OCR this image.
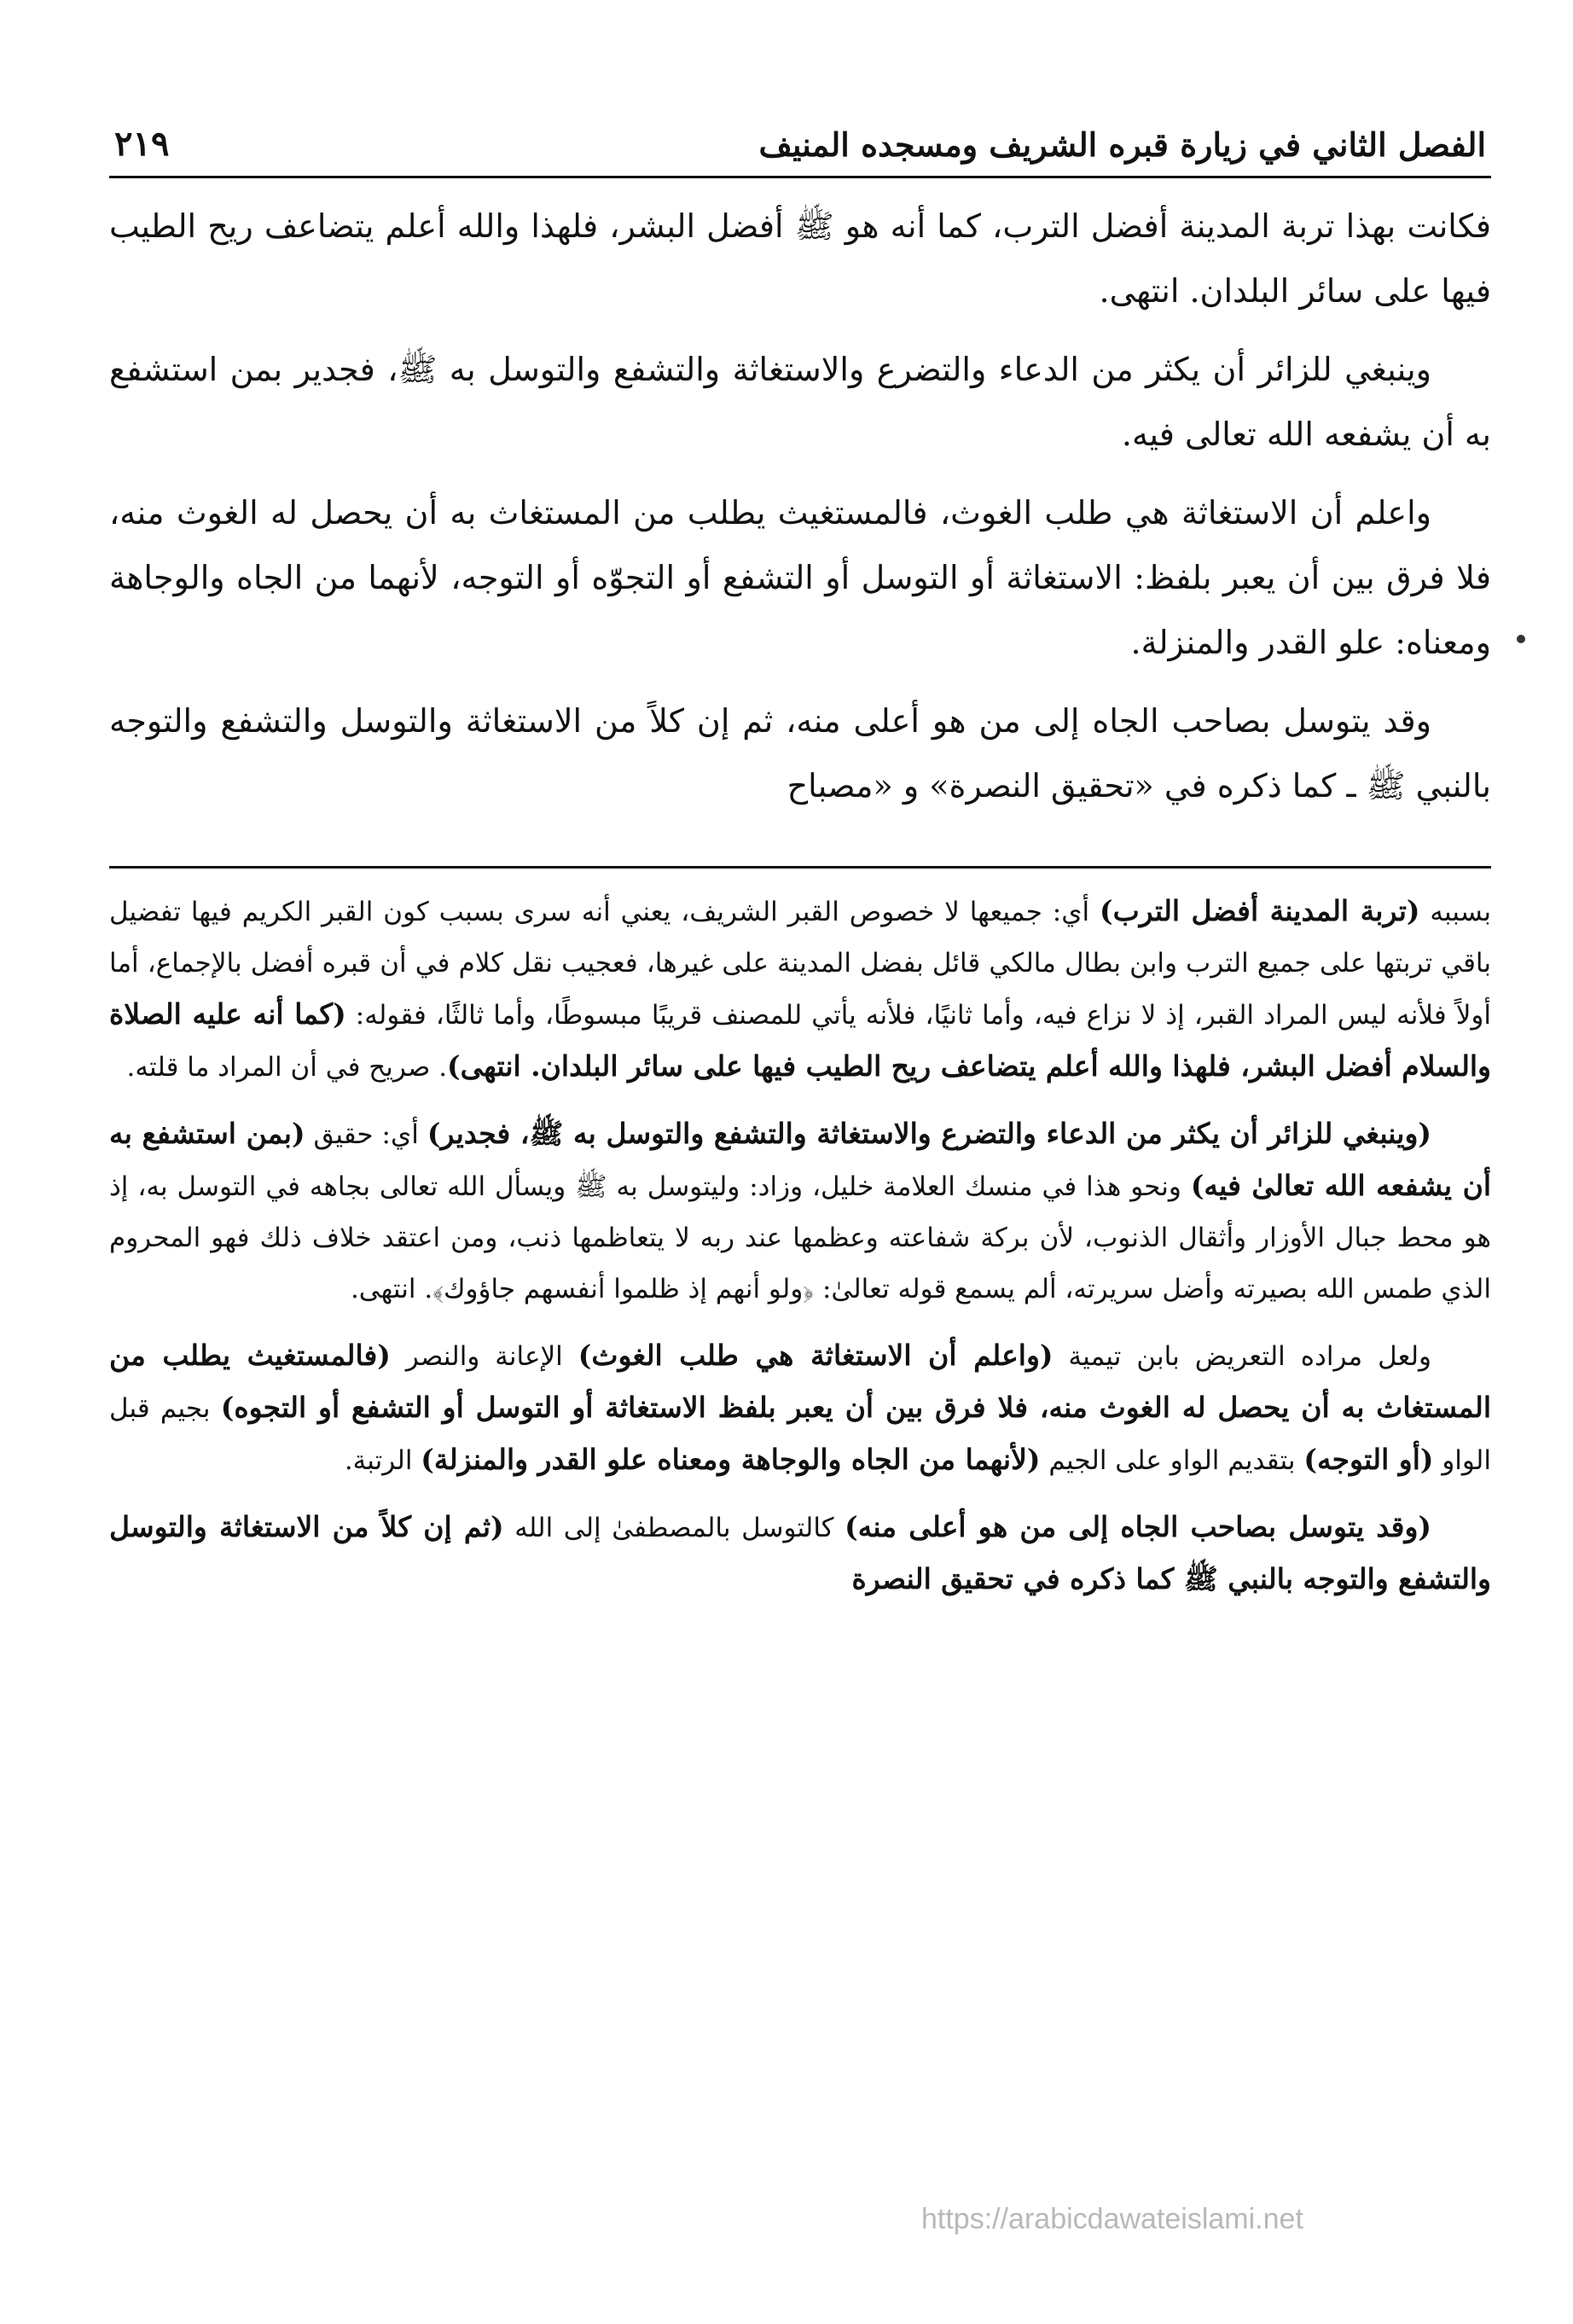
الفصل الثاني في زيارة قبره الشريف ومسجده المنيف
٢١٩

فكانت بهذا تربة المدينة أفضل الترب، كما أنه هو ﷺ أفضل البشر، فلهذا والله أعلم يتضاعف ريح الطيب فيها على سائر البلدان. انتهى.

وينبغي للزائر أن يكثر من الدعاء والتضرع والاستغاثة والتشفع والتوسل به ﷺ، فجدير بمن استشفع به أن يشفعه الله تعالى فيه.

واعلم أن الاستغاثة هي طلب الغوث، فالمستغيث يطلب من المستغاث به أن يحصل له الغوث منه، فلا فرق بين أن يعبر بلفظ: الاستغاثة أو التوسل أو التشفع أو التجوّه أو التوجه، لأنهما من الجاه والوجاهة ومعناه: علو القدر والمنزلة.

وقد يتوسل بصاحب الجاه إلى من هو أعلى منه، ثم إن كلاً من الاستغاثة والتوسل والتشفع والتوجه بالنبي ﷺ ـ كما ذكره في «تحقيق النصرة» و «مصباح

بسببه (تربة المدينة أفضل الترب) أي: جميعها لا خصوص القبر الشريف، يعني أنه سرى بسبب كون القبر الكريم فيها تفضيل باقي تربتها على جميع الترب وابن بطال مالكي قائل بفضل المدينة على غيرها، فعجيب نقل كلام في أن قبره أفضل بالإجماع، أما أولاً فلأنه ليس المراد القبر، إذ لا نزاع فيه، وأما ثانيًا، فلأنه يأتي للمصنف قريبًا مبسوطًا، وأما ثالثًا، فقوله: (كما أنه عليه الصلاة والسلام أفضل البشر، فلهذا والله أعلم يتضاعف ريح الطيب فيها على سائر البلدان. انتهى). صريح في أن المراد ما قلته.

(وينبغي للزائر أن يكثر من الدعاء والتضرع والاستغاثة والتشفع والتوسل به ﷺ، فجدير) أي: حقيق (بمن استشفع به أن يشفعه الله تعالىٰ فيه) ونحو هذا في منسك العلامة خليل، وزاد: وليتوسل به ﷺ ويسأل الله تعالى بجاهه في التوسل به، إذ هو محط جبال الأوزار وأثقال الذنوب، لأن بركة شفاعته وعظمها عند ربه لا يتعاظمها ذنب، ومن اعتقد خلاف ذلك فهو المحروم الذي طمس الله بصيرته وأضل سريرته، ألم يسمع قوله تعالىٰ: ﴿ولو أنهم إذ ظلموا أنفسهم جاؤوك﴾. انتهى.

ولعل مراده التعريض بابن تيمية (واعلم أن الاستغاثة هي طلب الغوث) الإعانة والنصر (فالمستغيث يطلب من المستغاث به أن يحصل له الغوث منه، فلا فرق بين أن يعبر بلفظ الاستغاثة أو التوسل أو التشفع أو التجوه) بجيم قبل الواو (أو التوجه) بتقديم الواو على الجيم (لأنهما من الجاه والوجاهة ومعناه علو القدر والمنزلة) الرتبة.

(وقد يتوسل بصاحب الجاه إلى من هو أعلى منه) كالتوسل بالمصطفىٰ إلى الله (ثم إن كلاً من الاستغاثة والتوسل والتشفع والتوجه بالنبي ﷺ كما ذكره في تحقيق النصرة

https://arabicdawateislami.net
